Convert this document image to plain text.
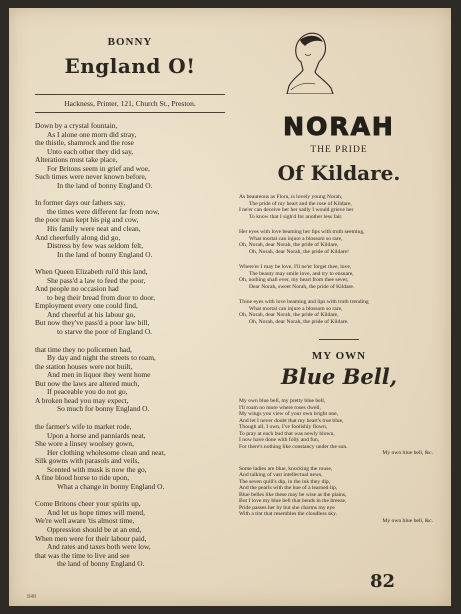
BONNY
England O!
Hackness, Printer, 121, Church St., Preston.
Down by a crystal fountain,
As I alone one morn did stray,
the thistle, shamrock and the rose
Unto each other they did say,
Alterations must take place,
For Britons seem in grief and woe,
Such times were never known before,
In the land of bonny England O.
In former days our fathers say,
the times were different far from now,
the poor man kept his pig and cow,
His family were neat and clean,
And cheerfully along did go,
Distress by few was seldom felt,
In the land of bonny England O.
When Queen Elizabeth rul'd this land,
She pass'd a law to feed the poor,
And people no occasion had
to beg their bread from door to door,
Employment every one could find,
And cheerful at his labour go,
But now they've pass'd a poor law bill,
to starve the poor of England O.
that time they no policemen had,
By day and night the streets to roam,
the station houses were not built,
And men in liquor they went home
But now the laws are altered much,
If peaceable you do not go,
A broken head you may expect,
So much for bonny England O.
the farmer's wife to market rode,
Upon a horse and panniards neat,
She wore a linsey woolsey gown,
Her clothing wholesome clean and neat,
Silk gowns with parasols and veils,
Scented with musk is now the go,
A fine blood horse to ride upon,
What a change in bonny England O.
Come Britons cheer your spirits up,
And let us hope times will mend,
We're well aware 'tis almost time,
Oppression should be at an end,
When men were for their labour paid,
And rates and taxes both were low,
that was the time to live and see
the land of bonny England O.
NORAH
THE PRIDE
Of Kildare.
As beauteous as Flora, is lovely young Norah,
The pride of my heart and the rose of Kildare,
I ne'er can deceive her her sadly I would grieve her
To know that I sigh'd for another less fair.
Her eyes with love beaming her lips with truth seeming,
What mortal can injure a blossom so rare,
Oh, Norah, dear Norah, the pride of Kildare,
Oh, Norah, dear Norah, the pride of Kildare!
Where'er I may be love, I'll ne'er forget thee, love,
The beauty may smile love, and try to ensnare,
Oh, nothing shall ever, my heart from thee sever,
Dear Norah, sweet Norah, the pride of Kildare.
Thine eyes with love beaming and lips with truth trending
What mortal can injure a blossom so rare,
Oh, Norah, dear Norah, the pride of Kildare,
Oh, Norah, dear Norah, the pride of Kildare.
MY OWN
Blue Bell,
My own blue bell, my pretty blue bell,
I'll roam no more where roses dwell,
My wings you view of your own bright one,
And let I never doubt that my heart's true blue,
Though all, I own, I've foolishly flown,
To pray at each bud that was newly blown,
I now have done with folly and fun,
For there's nothing like constancy under the sun.
My own blue bell, &c.
Some ladies are blue, knocking the rouse,
And talking of vast intellectual news,
The seven quill's dip, in the ink they dip,
And the pearls with the hue of a learned lip,
Blue belles like these may be wise as the plains,
But I love my blue bell that bends in the breeze,
Pride passes her by but she charms my eye
With a tint that resembles the cloudless sky.
My own blue bell, &c.
82
848
